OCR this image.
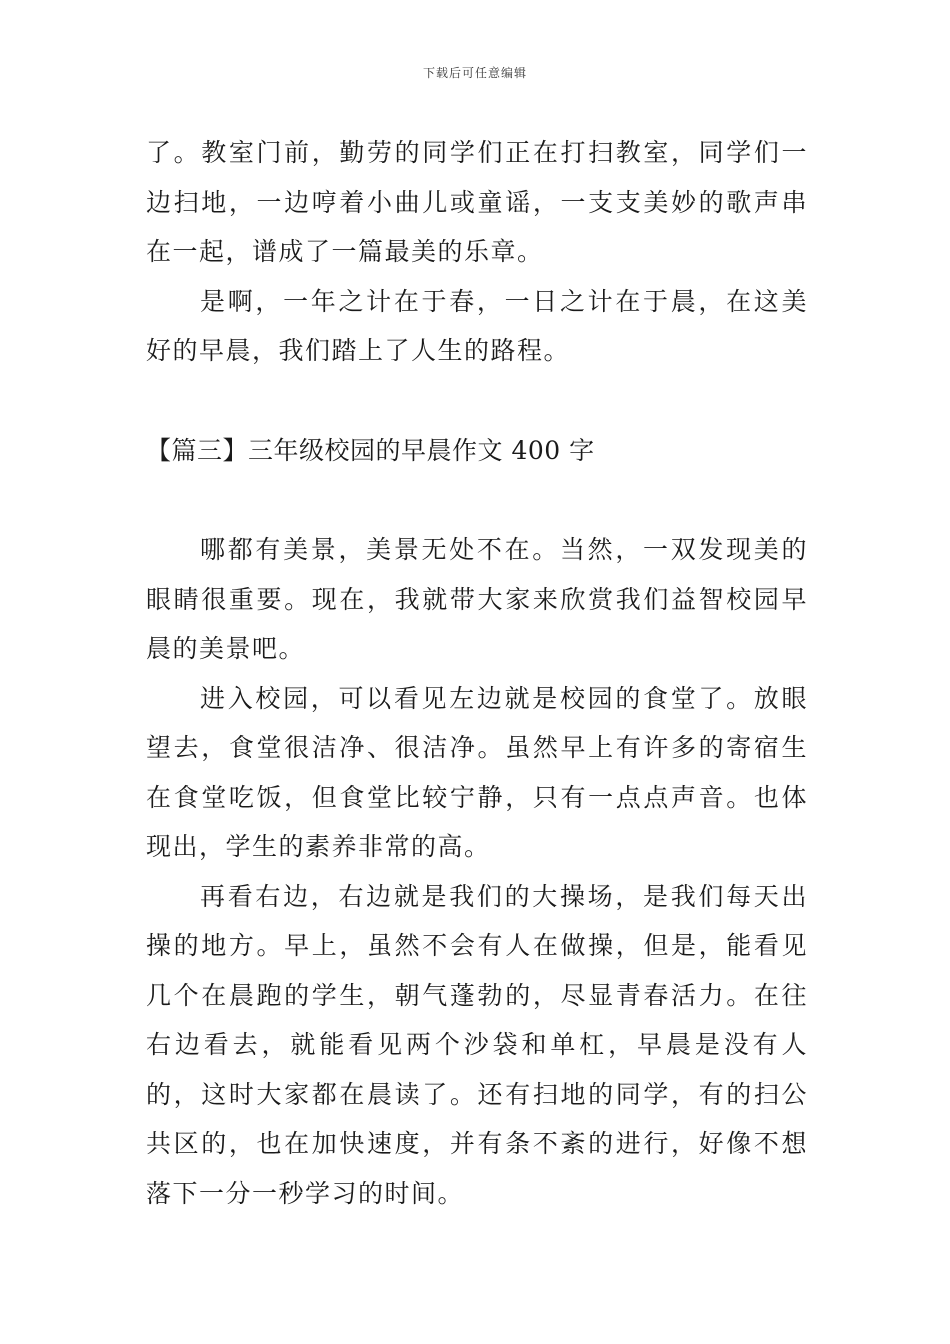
下载后可任意编辑

了。教室门前，勤劳的同学们正在打扫教室，同学们一边扫地，一边哼着小曲儿或童谣，一支支美妙的歌声串在一起，谱成了一篇最美的乐章。

是啊，一年之计在于春，一日之计在于晨，在这美好的早晨，我们踏上了人生的路程。

【篇三】三年级校园的早晨作文 400 字

哪都有美景，美景无处不在。当然，一双发现美的眼睛很重要。现在，我就带大家来欣赏我们益智校园早晨的美景吧。

进入校园，可以看见左边就是校园的食堂了。放眼望去，食堂很洁净、很洁净。虽然早上有许多的寄宿生在食堂吃饭，但食堂比较宁静，只有一点点声音。也体现出，学生的素养非常的高。

再看右边，右边就是我们的大操场，是我们每天出操的地方。早上，虽然不会有人在做操，但是，能看见几个在晨跑的学生，朝气蓬勃的，尽显青春活力。在往右边看去，就能看见两个沙袋和单杠，早晨是没有人的，这时大家都在晨读了。还有扫地的同学，有的扫公共区的，也在加快速度，并有条不紊的进行，好像不想落下一分一秒学习的时间。
